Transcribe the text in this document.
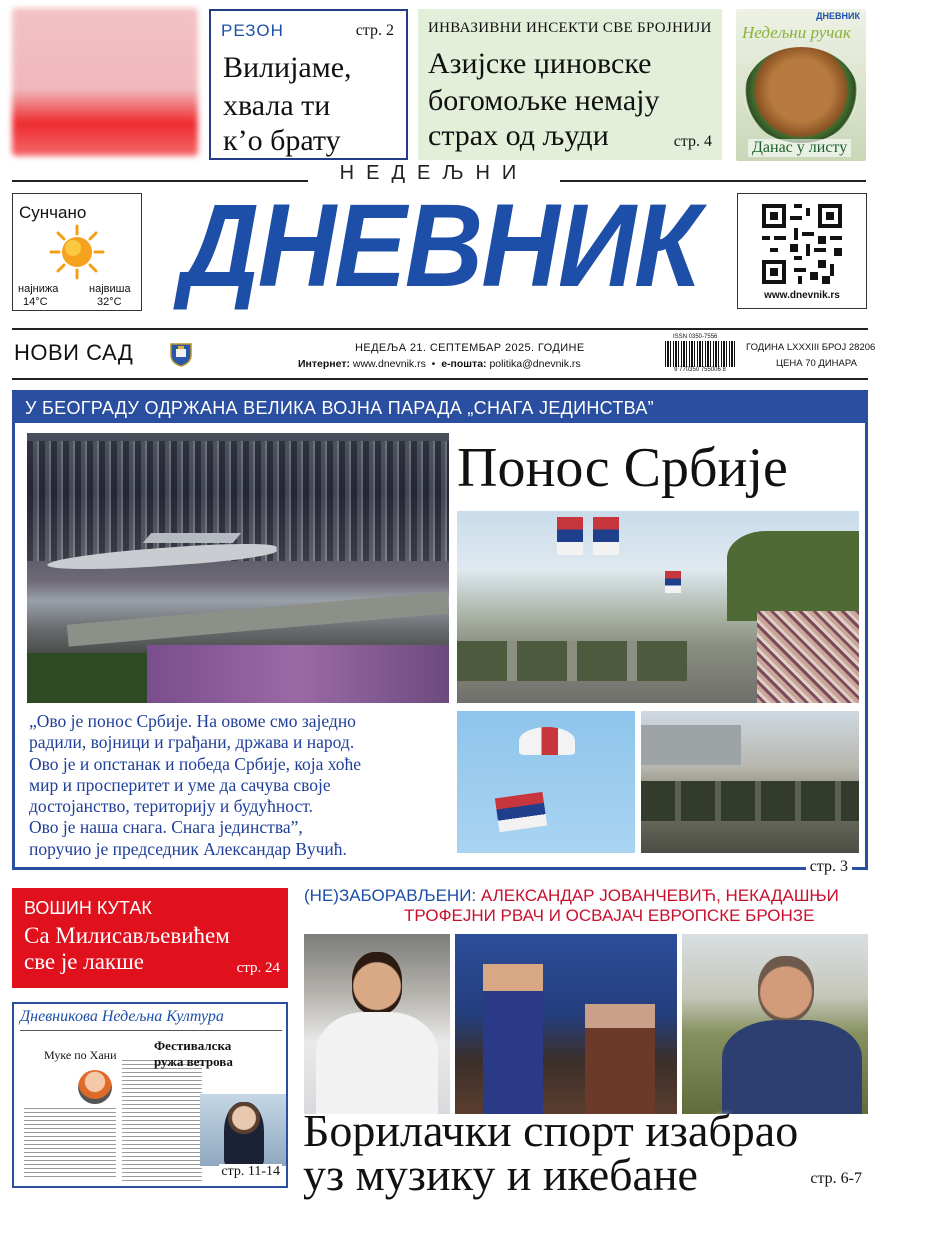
РЕЗОН	стр. 2
Вилијаме,
хвала ти
к’о брату
ИНВАЗИВНИ ИНСЕКТИ СВЕ БРОЈНИЈИ
Азијске џиновске
богомољке немају
страх од људи	стр. 4
ДНЕВНИК
Недељни ручак
Данас у листу
НЕДЕЉНИ
Сунчано
најнижа
14°C
највиша
32°C ДНЕВНИК	www.dnevnik.rs
НОВИ САД	НЕДЕЉА 21. СЕПТЕМБАР 2025. ГОДИНЕ
Интернет: www.dnevnik.rs  •  е-пошта: politika@dnevnik.rs
ISSN 0350-7556
9 770350 755006 8
ГОДИНА LXXXIII БРОЈ 28206
ЦЕНА 70 ДИНАРА
У БЕОГРАДУ ОДРЖАНА ВЕЛИКА ВОЈНА ПАРАДА „СНАГА ЈЕДИНСТВА”
Понос Србије
„Ово је понос Србије. На овоме смо заједно
радили, војници и грађани, држава и народ.
Ово је и опстанак и победа Србије, која хоће
мир и просперитет и уме да сачува своје
достојанство, територију и будућност.
Ово је наша снага. Снага јединства”,
поручио је председник Александар Вучић.
стр. 3
ВОШИН КУТАК
Са Милисављевићем
све је лакше	стр. 24
Дневникова Недељна Култура
Муке по Хани
Фестивалска
ружа ветрова
стр. 11-14
(НЕ)ЗАБОРАВЉЕНИ: АЛЕКСАНДАР ЈОВАНЧЕВИЋ, НЕКАДАШЊИ
ТРОФЕЈНИ РВАЧ И ОСВАЈАЧ ЕВРОПСКЕ БРОНЗЕ
Борилачки спорт изабрао
уз музику и икебане	стр. 6-7
